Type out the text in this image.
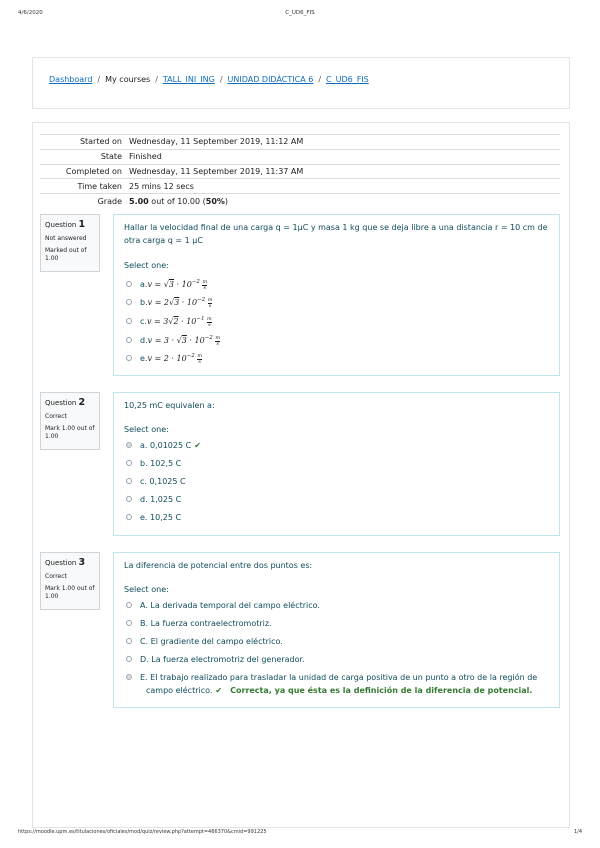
4/6/2020	C_UD6_FIS
Dashboard / My courses / TALL_INI_ING / UNIDAD DIDÁCTICA 6 / C_UD6_FIS
Started on	Wednesday, 11 September 2019, 11:12 AM
State	Finished
Completed on	Wednesday, 11 September 2019, 11:37 AM
Time taken	25 mins 12 secs
Grade	5.00 out of 10.00 (50%)
Question 1
Not answered
Marked out of 1.00
Hallar la velocidad final de una carga q = 1μC y masa 1 kg que se deja libre a una distancia r = 10 cm de otra carga q = 1 μC
Select one:
$a.v = √3 \cdot 10^{-2} \frac{m}{s}$
$b.v = 2√3 \cdot 10^{-2} \frac{m}{s}$
$c.v = 3√2 \cdot 10^{-1} \frac{m}{s}$
$d.v = 3 \cdot √3 \cdot 10^{-2} \frac{m}{s}$
$e.v = 2 \cdot 10^{-2} \frac{m}{s}$
Question 2
Correct
Mark 1.00 out of 1.00
10,25 mC equivalen a:
Select one:
a. 0,01025 C ✔
b. 102,5 C
c. 0,1025 C
d. 1,025 C
e. 10,25 C
Question 3
Correct
Mark 1.00 out of 1.00
La diferencia de potencial entre dos puntos es:
Select one:
A. La derivada temporal del campo eléctrico.
B. La fuerza contraelectromotriz.
C. El gradiente del campo eléctrico.
D. La fuerza electromotriz del generador.
E. El trabajo realizado para trasladar la unidad de carga positiva de un punto a otro de la región de campo eléctrico. ✔ Correcta, ya que ésta es la definición de la diferencia de potencial.
https://moodle.upm.es/titulaciones/oficiales/mod/quiz/review.php?attempt=466370&cmid=991225	1/4
